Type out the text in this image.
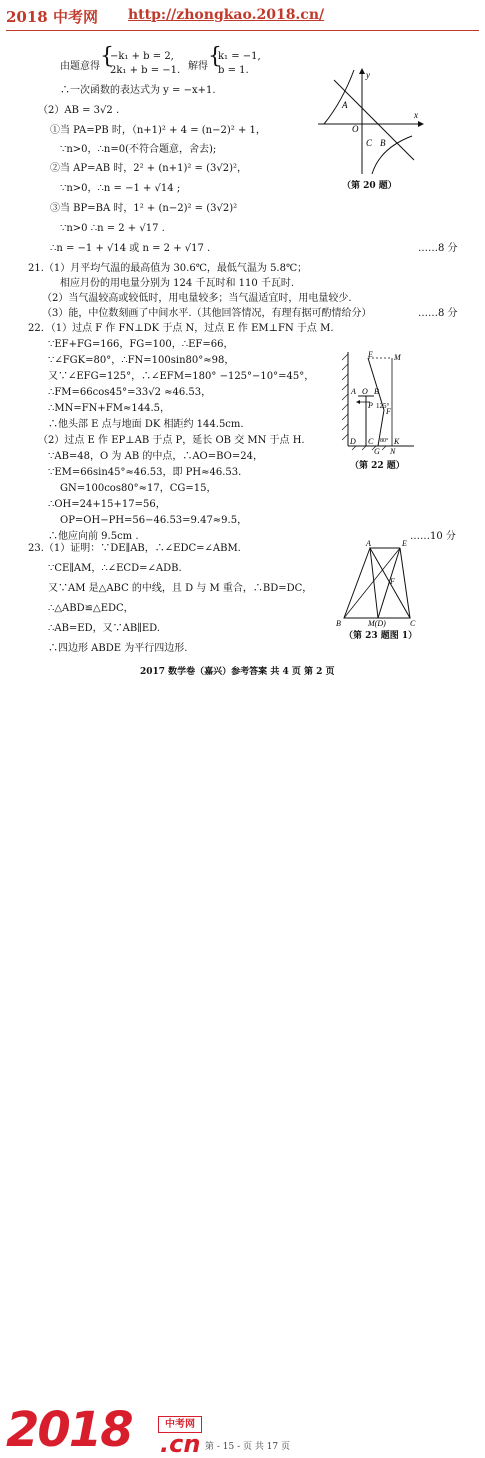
2018 中考网 http://zhongkao.2018.cn/
由题意得 {
−k₁ + b = 2,
2k₁ + b = −1. 解得 {
k₁ = −1,
b = 1.
∴一次函数的表达式为 y = −x+1.
（2）AB = 3√2 .
①当 PA=PB 时，（n+1)² + 4 = (n−2)² + 1，
∵n>0，∴n=0(不符合题意，舍去);
②当 AP=AB 时，2² + (n+1)² = (3√2)²，
∵n>0，∴n = −1 + √14 ;
③当 BP=BA 时，1² + (n−2)² = (3√2)²
∵n>0 ∴n = 2 + √17 .
∴n = −1 + √14 或 n = 2 + √17 .	……8 分
A
y
x
O
C B
（第 20 题）
21.（1）月平均气温的最高值为 30.6℃，最低气温为 5.8℃；
相应月份的用电量分别为 124 千瓦时和 110 千瓦时.
（2）当气温较高或较低时，用电量较多；当气温适宜时，用电量较少.
（3）能，中位数刻画了中间水平.（其他回答情况，有理有据可酌情给分）	……8 分
22．（1）过点 F 作 FN⊥DK 于点 N，过点 E 作 EM⊥FN 于点 M.
∵EF+FG=166，FG=100，∴EF=66，
∵∠FGK=80°，∴FN=100sin80°≈98，
又∵∠EFG=125°，∴∠EFM=180° −125°−10°=45°，
∴FM=66cos45°=33√2 ≈46.53，
∴MN=FN+FM≈144.5，
∴他头部 E 点与地面 DK 相距约 144.5cm.
（2）过点 E 作 EP⊥AB 于点 P，延长 OB 交 MN 于点 H.
∵AB=48，O 为 AB 的中点，∴AO=BO=24，
∵EM=66sin45°≈46.53，即 PH≈46.53.
GN=100cos80°≈17，CG=15，
∴OH=24+15+17=56，
OP=OH−PH=56−46.53=9.47≈9.5，
∴他应向前 9.5cm .	……10 分
E	M
A O B
P 125°
F
D C 80°
G
K
N
（第 22 题）
23.（1）证明：∵DE∥AB，∴∠EDC=∠ABM.
∵CE∥AM，∴∠ECD=∠ADB.
又∵AM 是△ABC 的中线，且 D 与 M 重合，∴BD=DC，
∴△ABD≌△EDC，
∴AB=ED，又∵AB∥ED.
∴四边形 ABDE 为平行四边形.
A	E
F
B	M(D)	C
（第 23 题图 1）
2017 数学卷（嘉兴）参考答案 共 4 页 第 2 页
2018	中考网
.cn 第 - 15 - 页 共 17 页
